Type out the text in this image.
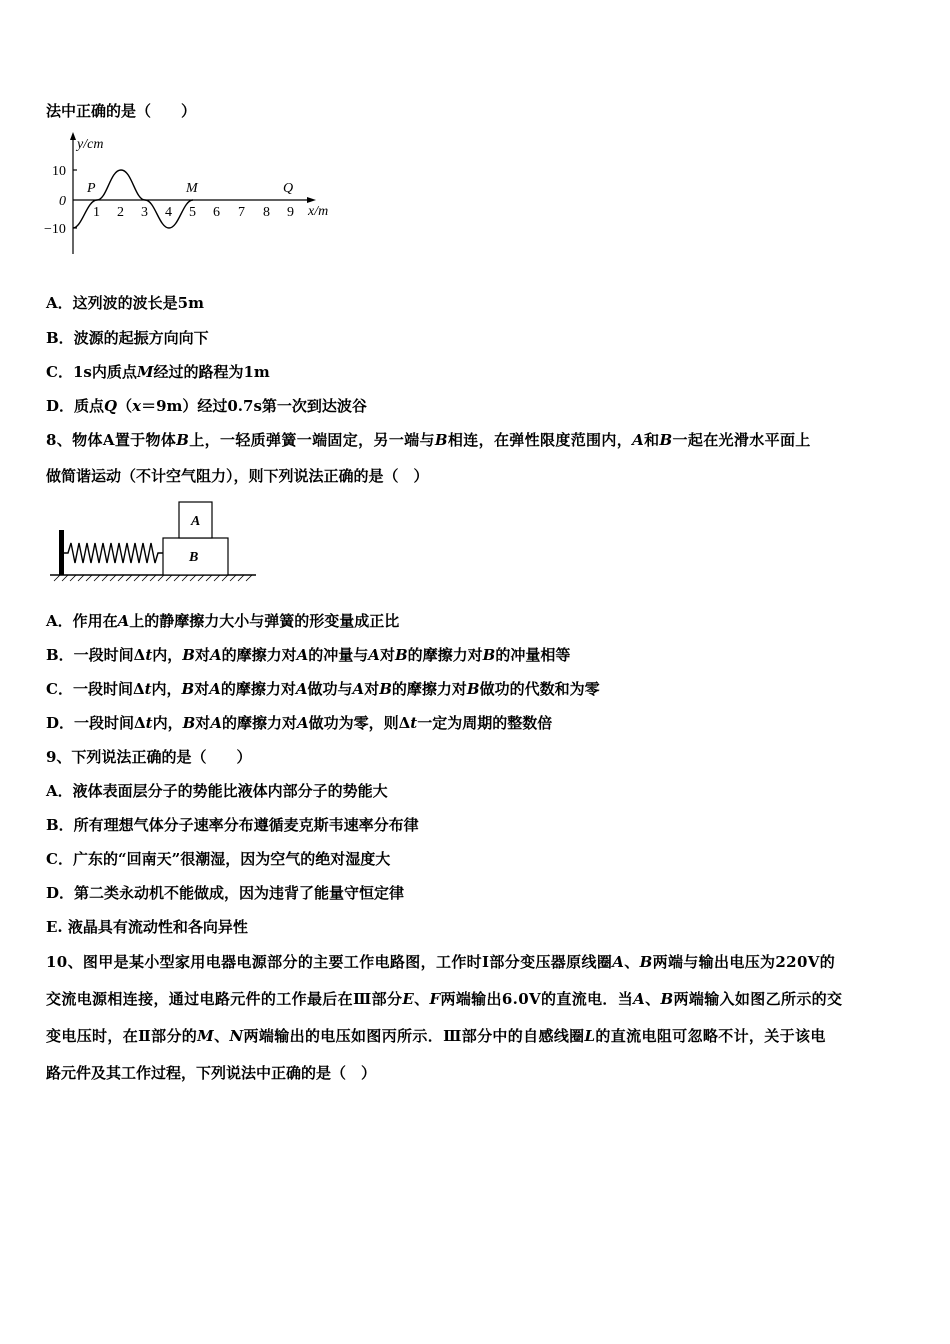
法中正确的是（　　）
y/cm
x/m
10
0
−10
1 2 3 4 5 6 7 8 9
P	M	Q
A．这列波的波长是5m
B．波源的起振方向向下
C．1s内质点M经过的路程为1m
D．质点Q（x＝9m）经过0.7s第一次到达波谷
8、物体A置于物体B上，一轻质弹簧一端固定，另一端与B相连，在弹性限度范围内，A和B一起在光滑水平面上
做简谐运动（不计空气阻力），则下列说法正确的是（　）
A
B
A．作用在A上的静摩擦力大小与弹簧的形变量成正比
B．一段时间Δt内，B对A的摩擦力对A的冲量与A对B的摩擦力对B的冲量相等
C．一段时间Δt内，B对A的摩擦力对A做功与A对B的摩擦力对B做功的代数和为零
D．一段时间Δt内，B对A的摩擦力对A做功为零，则Δt一定为周期的整数倍
9、下列说法正确的是（　　）
A．液体表面层分子的势能比液体内部分子的势能大
B．所有理想气体分子速率分布遵循麦克斯韦速率分布律
C．广东的“回南天”很潮湿，因为空气的绝对湿度大
D．第二类永动机不能做成，因为违背了能量守恒定律
E. 液晶具有流动性和各向异性
10、图甲是某小型家用电器电源部分的主要工作电路图，工作时Ⅰ部分变压器原线圈A、B两端与输出电压为220V的
交流电源相连接，通过电路元件的工作最后在Ⅲ部分E、F两端输出6.0V的直流电．当A、B两端输入如图乙所示的交
变电压时，在Ⅱ部分的M、N两端输出的电压如图丙所示．Ⅲ部分中的自感线圈L的直流电阻可忽略不计，关于该电
路元件及其工作过程，下列说法中正确的是（　）
